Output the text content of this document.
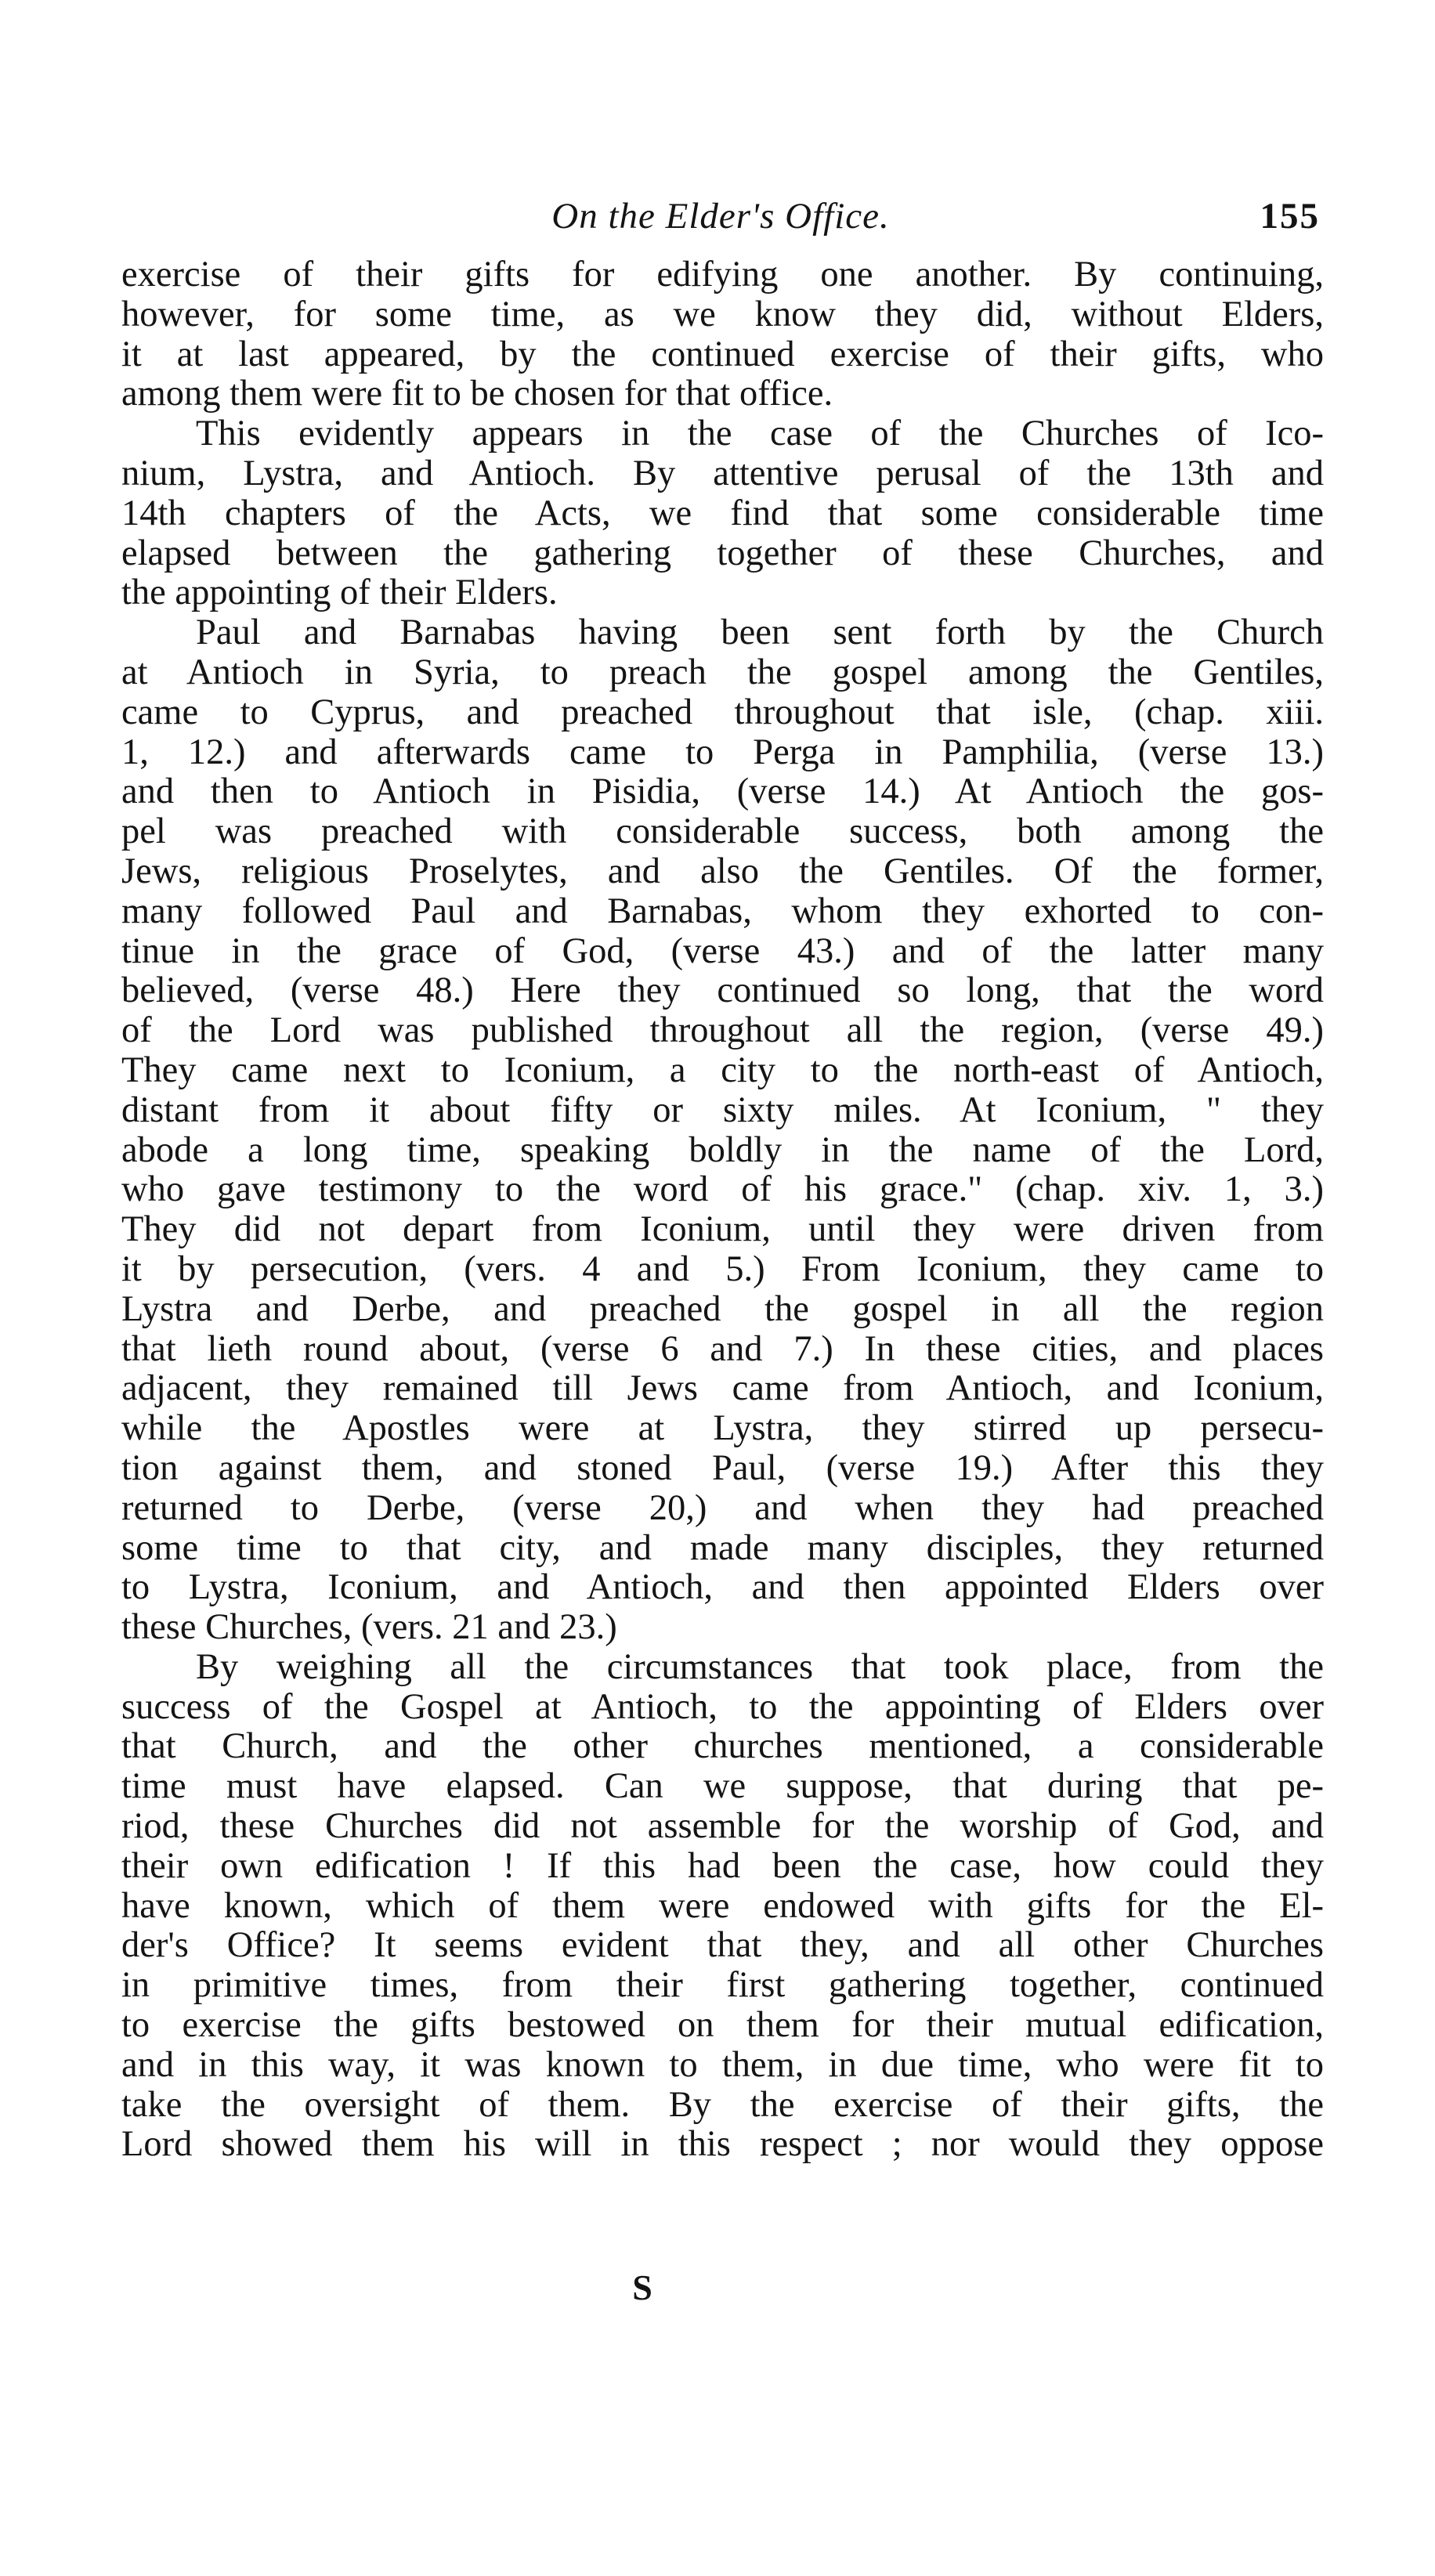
On the Elder's Office.	155
exercise of their gifts for edifying one another. By continuing,
however, for some time, as we know they did, without Elders,
it at last appeared, by the continued exercise of their gifts, who
among them were fit to be chosen for that office.
This evidently appears in the case of the Churches of Ico-
nium, Lystra, and Antioch. By attentive perusal of the 13th and
14th chapters of the Acts, we find that some considerable time
elapsed between the gathering together of these Churches, and
the appointing of their Elders.
Paul and Barnabas having been sent forth by the Church
at Antioch in Syria, to preach the gospel among the Gentiles,
came to Cyprus, and preached throughout that isle, (chap. xiii.
1, 12.) and afterwards came to Perga in Pamphilia, (verse 13.)
and then to Antioch in Pisidia, (verse 14.) At Antioch the gos-
pel was preached with considerable success, both among the
Jews, religious Proselytes, and also the Gentiles. Of the former,
many followed Paul and Barnabas, whom they exhorted to con-
tinue in the grace of God, (verse 43.) and of the latter many
believed, (verse 48.) Here they continued so long, that the word
of the Lord was published throughout all the region, (verse 49.)
They came next to Iconium, a city to the north-east of Antioch,
distant from it about fifty or sixty miles. At Iconium, " they
abode a long time, speaking boldly in the name of the Lord,
who gave testimony to the word of his grace." (chap. xiv. 1, 3.)
They did not depart from Iconium, until they were driven from
it by persecution, (vers. 4 and 5.) From Iconium, they came to
Lystra and Derbe, and preached the gospel in all the region
that lieth round about, (verse 6 and 7.) In these cities, and places
adjacent, they remained till Jews came from Antioch, and Iconium,
while the Apostles were at Lystra, they stirred up persecu-
tion against them, and stoned Paul, (verse 19.) After this they
returned to Derbe, (verse 20,) and when they had preached
some time to that city, and made many disciples, they returned
to Lystra, Iconium, and Antioch, and then appointed Elders over
these Churches, (vers. 21 and 23.)
By weighing all the circumstances that took place, from the
success of the Gospel at Antioch, to the appointing of Elders over
that Church, and the other churches mentioned, a considerable
time must have elapsed. Can we suppose, that during that pe-
riod, these Churches did not assemble for the worship of God, and
their own edification ! If this had been the case, how could they
have known, which of them were endowed with gifts for the El-
der's Office? It seems evident that they, and all other Churches
in primitive times, from their first gathering together, continued
to exercise the gifts bestowed on them for their mutual edification,
and in this way, it was known to them, in due time, who were fit to
take the oversight of them. By the exercise of their gifts, the
Lord showed them his will in this respect ; nor would they oppose
S
